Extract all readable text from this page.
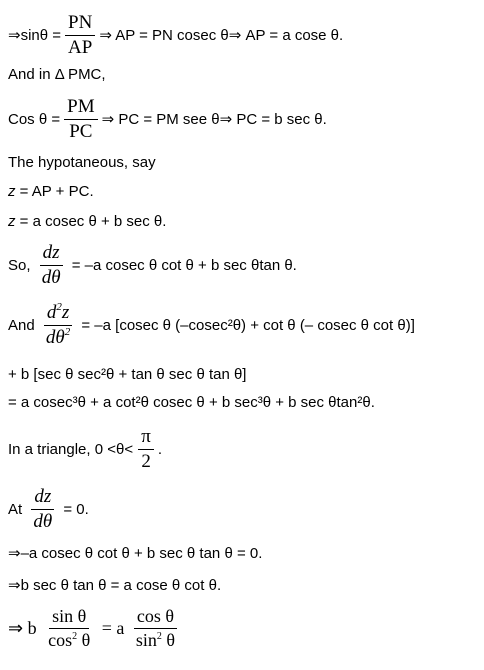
⇒sinθ = $\frac{PN}{AP}$ ⇒ AP = PN cosec θ⇒ AP = a cose θ.
And in Δ PMC,
Cos $\theta = \frac{PM}{PC}$ ⇒ PC = PM see θ⇒ PC = b sec θ.
The hypotaneous, say
z = AP + PC.
z = a cosec θ + b sec θ.
So, $\frac{dz}{d\theta} = -a$ cosec θ cot θ + b sec θtan θ.
And $\frac{d^2z}{d\theta^2} = -a$ [cosec θ (–cosec²θ) + cot θ (– cosec θ cot θ)]
+ b [sec θ sec²θ + tan θ sec θ tan θ]
= a cosec³θ + a cot²θ cosec θ + b sec³θ + b sec θtan²θ.
In a triangle, $0 <\theta< \frac{\pi}{2}$ .
At $\frac{dz}{d\theta} = 0$.
⇒–a cosec θ cot θ + b sec θ tan θ = 0.
⇒b sec θ tan θ = a cose θ cot θ.
⇒ b $\frac{\text{sin θ}}{\cos^2 \theta} = a \frac{\text{cos θ}}{\sin^2 \theta}$
